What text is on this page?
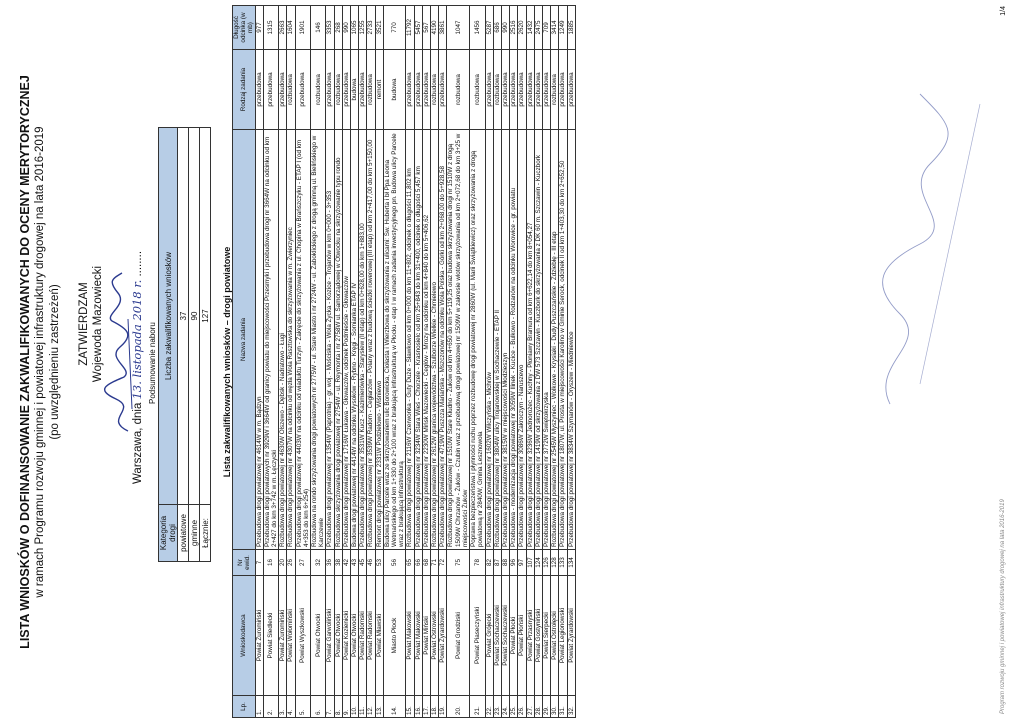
LISTA WNIOSKÓW O DOFINANSOWANIE ZAKWALIFIKOWANYCH DO OCENY MERYTORYCZNEJ w ramach Programu rozwoju gminnej i powiatowej infrastruktury drogowej na lata 2016-2019 (po uwzględnieniu zastrzeżeń) ZATWIERDZAM Wojewoda Mazowiecki
Warszawa, dnia 13. listopada 2018 r. ........
Podsumowanie naboru
Kategoria drogi	Liczba zakwalifikowanych wniosków
powiatowe	37
gminne	90
Łącznie:	127 Lista zakwalifikowanych wniosków – drogi powiatowe
Lp.	Wnioskodawca	Nr ewid.	Nazwa zadania	Rodzaj zadania	Długość odcinka (w mb)
1.	Powiat Żuromiński	7	Przebudowa drogi powiatowej nr 4614W w m. Bądzyn	przebudowa	977
2.	Powiat Siedlecki	16	Przebudowa drogi powiatowych nr 3929W i 3664W od granicy powiatu do miejscowości Przesmyki i przebudowa drogi nr 3664W na odcinku od km 2+427 do km 3+742 w m. Łęczycki	przebudowa	1315
3.	Powiat Żuromiński	20	Rozbudowa drogi powiatowej nr 4630W Olszewo - Dębsk - Nadratowo - Ługi	przebudowa	2663
4.	Powiat Wołomiński	26	Rozbudowa drogi powiatowej nr 4307W na odcinku od węzła Wola Rasztowska do skrzyżowania w m. Zwierzyniec	rozbudowa	1604
5.	Powiat Wyszkowski	27	Przebudowa drogi powiatowej nr 4403W na odcinku od wiaduktu Turzyn - Zakręcie do skrzyżowania z ul. Chopina w Brańszczyku - ETAP I (od km 4+353 do km 6+254)	przebudowa	1901
6.	Powiat Otwocki	32	Rozbudowa na rondo skrzyżowania drogi powiatowych nr 2775W - ul. Stare Miasto i nr 2724W - ul. Żaboklickiego z drogą gminną ul. Bielińskiego w Karczewie	rozbudowa	146
7.	Powiat Garwoliński	36	Przebudowa drogi powiatowej nr 1354W (Paprotnia) - gr. woj. - Mościska - Wola Życka - Kozice - Trojanów w km 0+000 - 3+353	przebudowa	3353
8.	Powiat Otwocki	38	Rozbudowa skrzyżowania drogi powiatowej nr 2754W - ul. Reymonta i nr 2758W ul. Samorządowej w Otwocku na skrzyżowanie typu rondo	rozbudowa	268
9.	Powiat Kozienicki	42	Przebudowa drogi powiatowej nr 1716W Łukawa - Głowaczów, odcinek Podmieście - Głowaczów	przebudowa	990
10.	Powiat Otwocki	43	Budowa drogi powiatowej nr 4414W na odcinku Wysoków - Rybno - Kręgi - Somianka ETAP IV	budowa	1065
11.	Powiat Radomski	45	Przebudowa drogi powiatowej nr 3531W Kucz - Kazimierówka - Starysiew (II etap) od km 0+628,00 do km 1+883,00	przebudowa	1255
12.	Powiat Radomski	46	Rozbudowa drogi powiatowej nr 3539W Radom - Cegłarzów - Polany wraz z budową ścieżki rowerowej (III etap) od km 2+417,00 do km 5+150,00	rozbudowa	2733
13.	Powiat Mławski	53	Remont drogi powiatowej nr 2331W Podzielowo - Wiśniewo	remont	3521
14.	Miasto Płock	56	Budowa ulicy Parcele wraz ze skrzyżowaniem ulic Borowicka, Ciołasta i Wierzbowa do skrzyżowania z ulicami: Św. Huberta i bł Ppa Leona Wetmańskiego od km 1+330 do 2+100 wraz z brakującą infrastrukturą w Płocku - etap I w ramach zadania inwestycyjnego pn. Budowa ulicy Parcele wraz z brakującą infrastrukturą	budowa	770
15.	Powiat Makowski	65	Rozbudowa drogi powiatowej nr 2116W Czerwonka - Guty Duże - Sławkowo od km 0+000 do km 11+802, odcinek o długości 11,802 km	przebudowa	11792
16.	Powiat Makowski	66	Przebudowa drogi powiatowej nr 3234W Stara Wieś - Chorzele - Krasnosielc od km 25+843 do km 31+400, odcinek o długości 5,457 km	przebudowa	5457
17.	Powiat Miński	68	Przebudowa drogi powiatowej nr 2230W Mińsk Mazowiecki - Cegłów - Mrozy na odcinku od km 4+840 do km 5+406,62	przebudowa	567
18.	Powiat Ostrowski	71	Rozbudowa drogi powiatowej nr 2612W granica województwa - Szulborze Wielkie - Chmielewo	rozbudowa	4190
19.	Powiat Żyrardowski	72	Przebudowa drogi powiatowej nr 4719W Puszcza Mariańska - Mszczonów na odcinku Wola Polska - Górki od km 2+068,00 do 5+928,58	przebudowa	3861
20.	Powiat Grodziski	75	Rozbudowa drogi powiatowej nr 1510W Stare Kłudno - Żuków od km 4+650 do km 5+119,25 oraz budowa skrzyżowania drogi nr 1510W z drogą 1509W Chrzanów - Żuków - Czubin wraz z przebudową drogi powiatowej nr 1509W w zakresie wlotów skrzyżowania od km 2+072,68 do km 3+25 w miejscowości Żuków	rozbudowa	1047
21.	Powiat Piaseczyński	78	Poprawa bezpieczeństwa i płynności ruchu poprzez rozbudowę drogi powiatowej nr 2860W (ul. Marii Świątkiewicz) oraz skrzyżowania z drogą powiatową nr 2840W, Gmina Lesznowola	rozbudowa	1456
22.	Powiat Grójecki	82	Przebudowa drogi powiatowej nr 1602W Wilczyńska - Michrów	przebudowa	5287
23.	Powiat Sochaczewski	87	Rozbudowa drogi powiatowej nr 3804W ulicy Trojanowskiej w Sochaczewie - ETAP II	rozbudowa	686
24.	Powiat Sochaczewski	88	Przebudowa drogi powiatowej nr 3815W w miejscowości Młodzieszyn	przebudowa	990
25.	Powiat Płocki	96	Przebudowa - modernizacja drogi powiatowej nr 3059W Ilinek - Kucice - Bulkowo - Rodzanów na odcinku Worowice - gr. powiatu	przebudowa	2516
26.	Powiat Płoński	97	Przebudowa drogi powiatowej nr 3086W Zakroczym - Naruszewo	przebudowa	2620
27.	Powiat Przasnyski	107	Przebudowa drogi powiatowej nr 3236W Jednorożec - Kuchny - Płoniawy Bramura od km 6+622,14 do km 8+054,27	przebudowa	1432
28.	Powiat Gostyniński	124	Przebudowa drogi powiatowej nr 1419W od skrzyżowania z DW 573 Szczawin - Kuczbork do skrzyżowania z DK 60 m. Szczawin - Kuczbork	przebudowa	2475
29.	Powiat Sierpecki	126	Przebudowa drogi powiatowej nr 3772W Świętokrzyska	przebudowa	709
30.	Powiat Ostrołęcki	128	Rozbudowa drogi powiatowej nr 2545W Myszyniec - Wolkowe - Krysiaki - Dudy Puszczańskie - Zdziebłę - III etap	rozbudowa	3414
31.	Powiat Legionowski	133	Przebudowa drogi powiatowej nr 1807W, ul. Prosta w miejscowości Karolino w Gminie Serock, odcinek II od km 1+403,30 do km 2+652,50	przebudowa	1249
32.	Powiat Żyrardowski	134	Przebudowa drogi powiatowej nr 3834W Szymanów - Oryszew - Miedniewice	przebudowa	1885
Program rozwoju gminnej i powiatowej infrastruktury drogowej na lata 2016-2019
1/4
